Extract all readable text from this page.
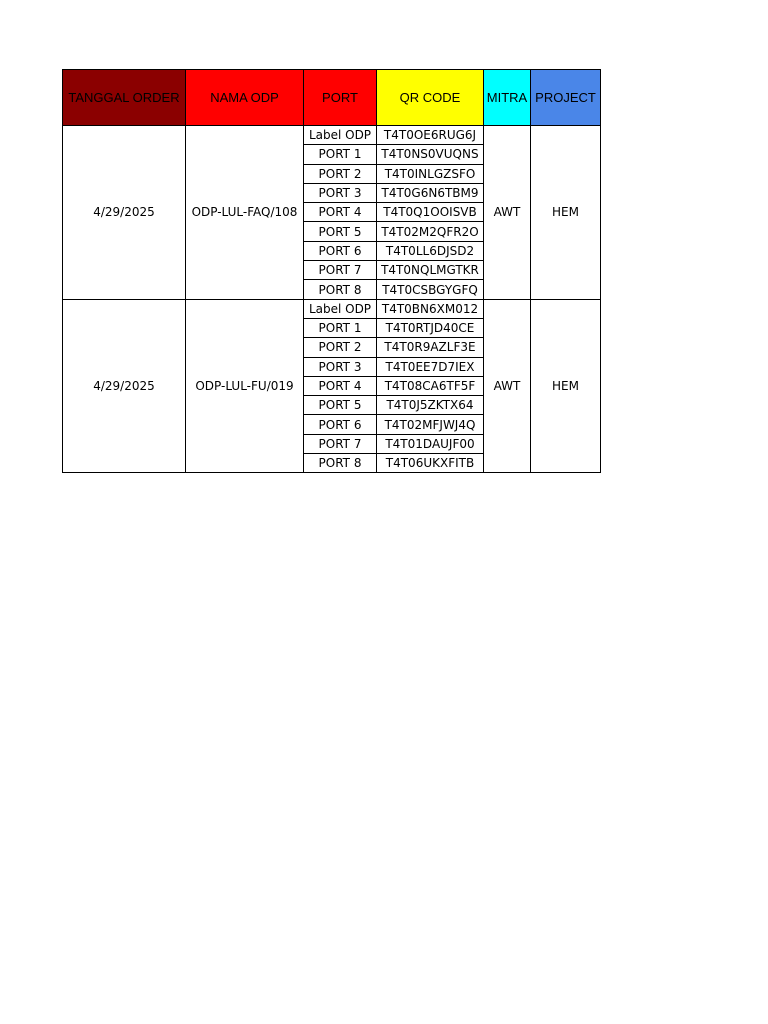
TANGGAL ORDER	NAMA ODP	PORT	QR CODE	MITRA	PROJECT
4/29/2025	ODP-LUL-FAQ/108	Label ODP	T4T0OE6RUG6J	AWT	HEM
		PORT 1	T4T0NS0VUQNS		
		PORT 2	T4T0INLGZSFO		
		PORT 3	T4T0G6N6TBM9		
		PORT 4	T4T0Q1OOISVB		
		PORT 5	T4T02M2QFR2O		
		PORT 6	T4T0LL6DJSD2		
		PORT 7	T4T0NQLMGTKR		
		PORT 8	T4T0CSBGYGFQ		
4/29/2025	ODP-LUL-FU/019	Label ODP	T4T0BN6XM012	AWT	HEM
		PORT 1	T4T0RTJD40CE		
		PORT 2	T4T0R9AZLF3E		
		PORT 3	T4T0EE7D7IEX		
		PORT 4	T4T08CA6TF5F		
		PORT 5	T4T0J5ZKTX64		
		PORT 6	T4T02MFJWJ4Q		
		PORT 7	T4T01DAUJF00		
		PORT 8	T4T06UKXFITB		
